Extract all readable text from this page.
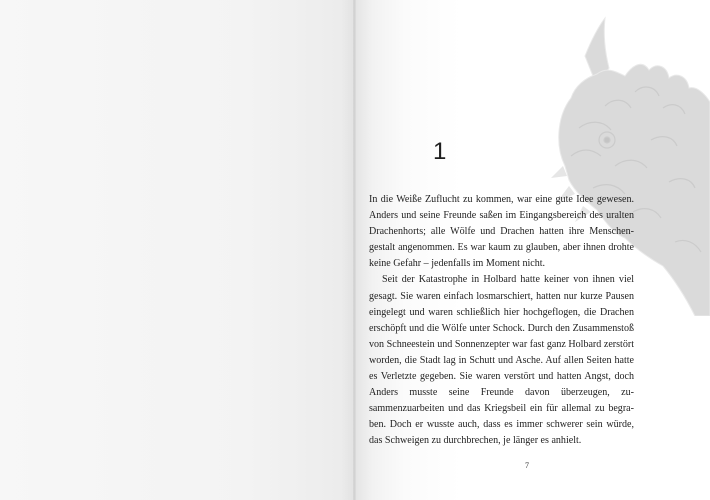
1

In die Weiße Zuflucht zu kommen, war eine gute Idee gewesen. Anders und seine Freunde saßen im Eingangsbereich des uralten Drachenhorts; alle Wölfe und Drachen hatten ihre Menschengestalt angenommen. Es war kaum zu glauben, aber ihnen drohte keine Gefahr – jedenfalls im Moment nicht.

Seit der Katastrophe in Holbard hatte keiner von ihnen viel gesagt. Sie waren einfach losmarschiert, hatten nur kurze Pausen eingelegt und waren schließlich hier hochgeflogen, die Drachen erschöpft und die Wölfe unter Schock. Durch den Zusammenstoß von Schneestein und Sonnenzepter war fast ganz Holbard zerstört worden, die Stadt lag in Schutt und Asche. Auf allen Seiten hatte es Verletzte gegeben. Sie waren verstört und hatten Angst, doch Anders musste seine Freunde davon überzeugen, zusammenzuarbeiten und das Kriegsbeil ein für allemal zu begraben. Doch er wusste auch, dass es immer schwerer sein würde, das Schweigen zu durchbrechen, je länger es anhielt.

7
